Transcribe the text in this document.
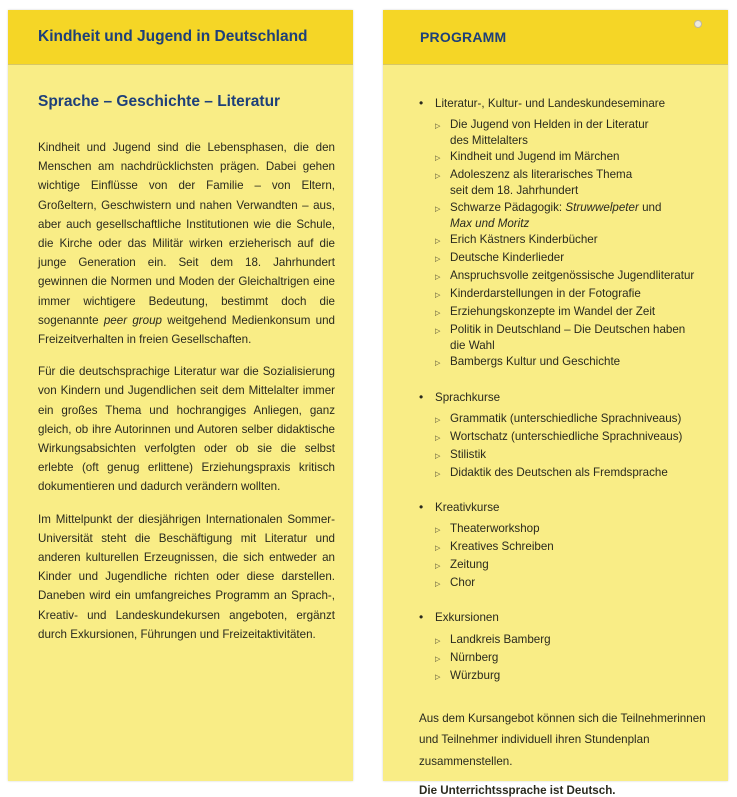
Kindheit und Jugend in Deutschland
Sprache – Geschichte – Literatur

Kindheit und Jugend sind die Lebensphasen, die den Menschen am nachdrücklichsten prägen. Dabei gehen wichtige Einflüsse von der Familie – von Eltern, Großeltern, Geschwistern und nahen Verwandten – aus, aber auch gesellschaftliche Institutionen wie die Schule, die Kirche oder das Militär wirken erzieherisch auf die junge Generation ein. Seit dem 18. Jahrhundert gewinnen die Normen und Moden der Gleichaltrigen eine immer wichtigere Bedeutung, bestimmt doch die sogenannte peer group weitgehend Medienkonsum und Freizeitverhalten in freien Gesellschaften.

Für die deutschsprachige Literatur war die Sozialisierung von Kindern und Jugendlichen seit dem Mittelalter immer ein großes Thema und hochrangiges Anliegen, ganz gleich, ob ihre Autorinnen und Autoren selber didaktische Wirkungsabsichten verfolgten oder ob sie die selbst erlebte (oft genug erlittene) Erziehungspraxis kritisch dokumentieren und dadurch verändern wollten.

Im Mittelpunkt der diesjährigen Internationalen Sommer-Universität steht die Beschäftigung mit Literatur und anderen kulturellen Erzeugnissen, die sich entweder an Kinder und Jugendliche richten oder diese darstellen. Daneben wird ein umfangreiches Programm an Sprach-, Kreativ- und Landeskundekursen angeboten, ergänzt durch Exkursionen, Führungen und Freizeitaktivitäten.

PROGRAMM
•	Literatur-, Kultur- und Landeskundeseminare
▷ Die Jugend von Helden in der Literatur
des Mittelalters
▷ Kindheit und Jugend im Märchen
▷ Adoleszenz als literarisches Thema
seit dem 18. Jahrhundert
▷ Schwarze Pädagogik: Struwwelpeter und
Max und Moritz
▷ Erich Kästners Kinderbücher
▷ Deutsche Kinderlieder
▷ Anspruchsvolle zeitgenössische Jugendliteratur
▷ Kinderdarstellungen in der Fotografie
▷ Erziehungskonzepte im Wandel der Zeit
▷ Politik in Deutschland – Die Deutschen haben
die Wahl
▷ Bambergs Kultur und Geschichte
•	Sprachkurse
▷ Grammatik (unterschiedliche Sprachniveaus)
▷ Wortschatz (unterschiedliche Sprachniveaus)
▷ Stilistik
▷ Didaktik des Deutschen als Fremdsprache
•	Kreativkurse
▷ Theaterworkshop
▷ Kreatives Schreiben
▷ Zeitung
▷ Chor
•	Exkursionen
▷ Landkreis Bamberg
▷ Nürnberg
▷ Würzburg
Aus dem Kursangebot können sich die Teilnehmerinnen und Teilnehmer individuell ihren Stundenplan zusammenstellen.
Die Unterrichtssprache ist Deutsch.
